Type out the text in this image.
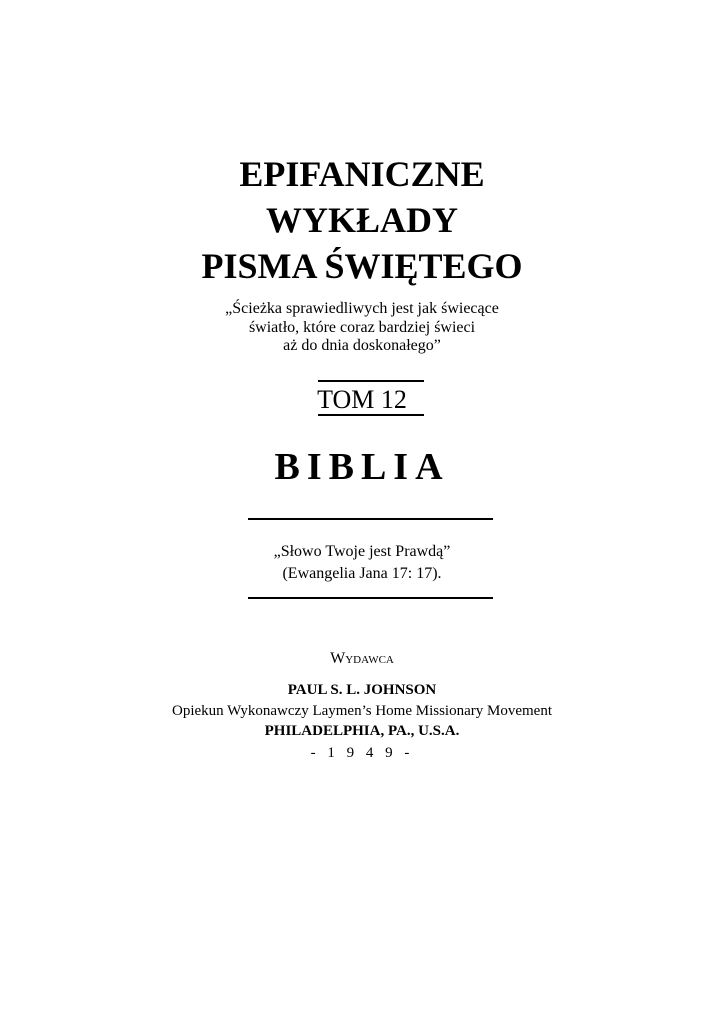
EPIFANICZNE
WYKŁADY
PISMA ŚWIĘTEGO
„Ścieżka sprawiedliwych jest jak świecące
światło, które coraz bardziej świeci
aż do dnia doskonałego”
TOM 12
BIBLIA
„Słowo Twoje jest Prawdą”
(Ewangelia Jana 17: 17).
Wydawca
PAUL S. L. JOHNSON
Opiekun Wykonawczy Laymen’s Home Missionary Movement
PHILADELPHIA, PA., U.S.A.
- 1 9 4 9 -
